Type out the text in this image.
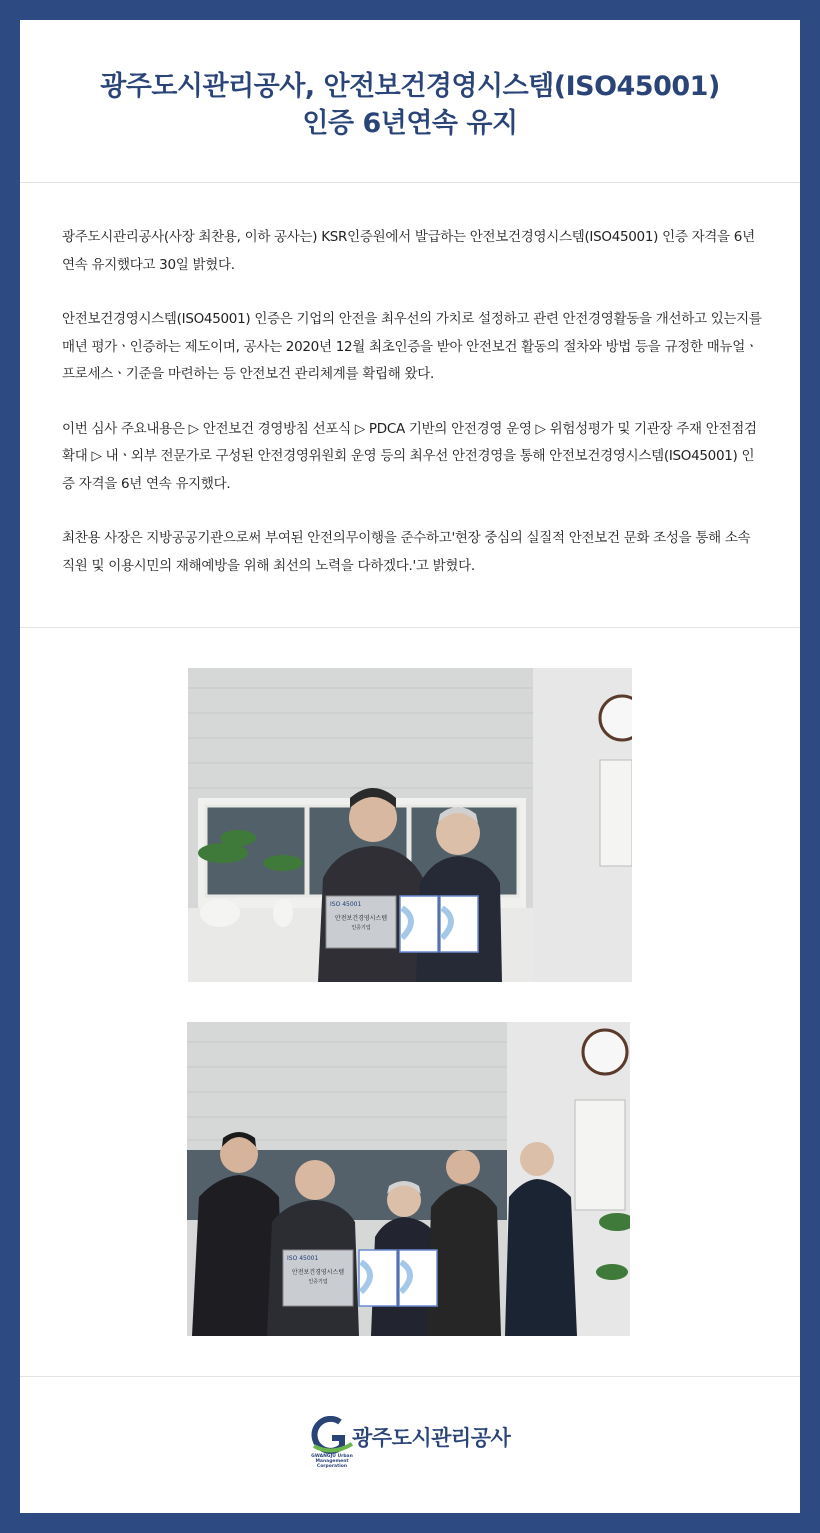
광주도시관리공사, 안전보건경영시스템(ISO45001)
인증 6년연속 유지

광주도시관리공사(사장 최찬용, 이하 공사는) KSR인증원에서 발급하는 안전보건경영시스템(ISO45001) 인증 자격을 6년 연속 유지했다고 30일 밝혔다.

안전보건경영시스템(ISO45001) 인증은 기업의 안전을 최우선의 가치로 설정하고 관련 안전경영활동을 개선하고 있는지를 매년 평가ㆍ인증하는 제도이며, 공사는 2020년 12월 최초인증을 받아 안전보건 활동의 절차와 방법 등을 규정한 매뉴얼ㆍ프로세스ㆍ기준을 마련하는 등 안전보건 관리체계를 확립해 왔다.

이번 심사 주요내용은 ▷ 안전보건 경영방침 선포식 ▷ PDCA 기반의 안전경영 운영 ▷ 위험성평가 및 기관장 주재 안전점검 확대 ▷ 내ㆍ외부 전문가로 구성된 안전경영위원회 운영 등의 최우선 안전경영을 통해 안전보건경영시스템(ISO45001) 인증 자격을 6년 연속 유지했다.

최찬용 사장은 지방공공기관으로써 부여된 안전의무이행을 준수하고'현장 중심의 실질적 안전보건 문화 조성을 통해 소속직원 및 이용시민의 재해예방을 위해 최선의 노력을 다하겠다.'고 밝혔다.

ISO 45001
안전보건경영시스템
인증기업
ISO 45001
안전보건경영시스템
인증기업
광주도시관리공사
GWANGJU Urban Management Corporation
